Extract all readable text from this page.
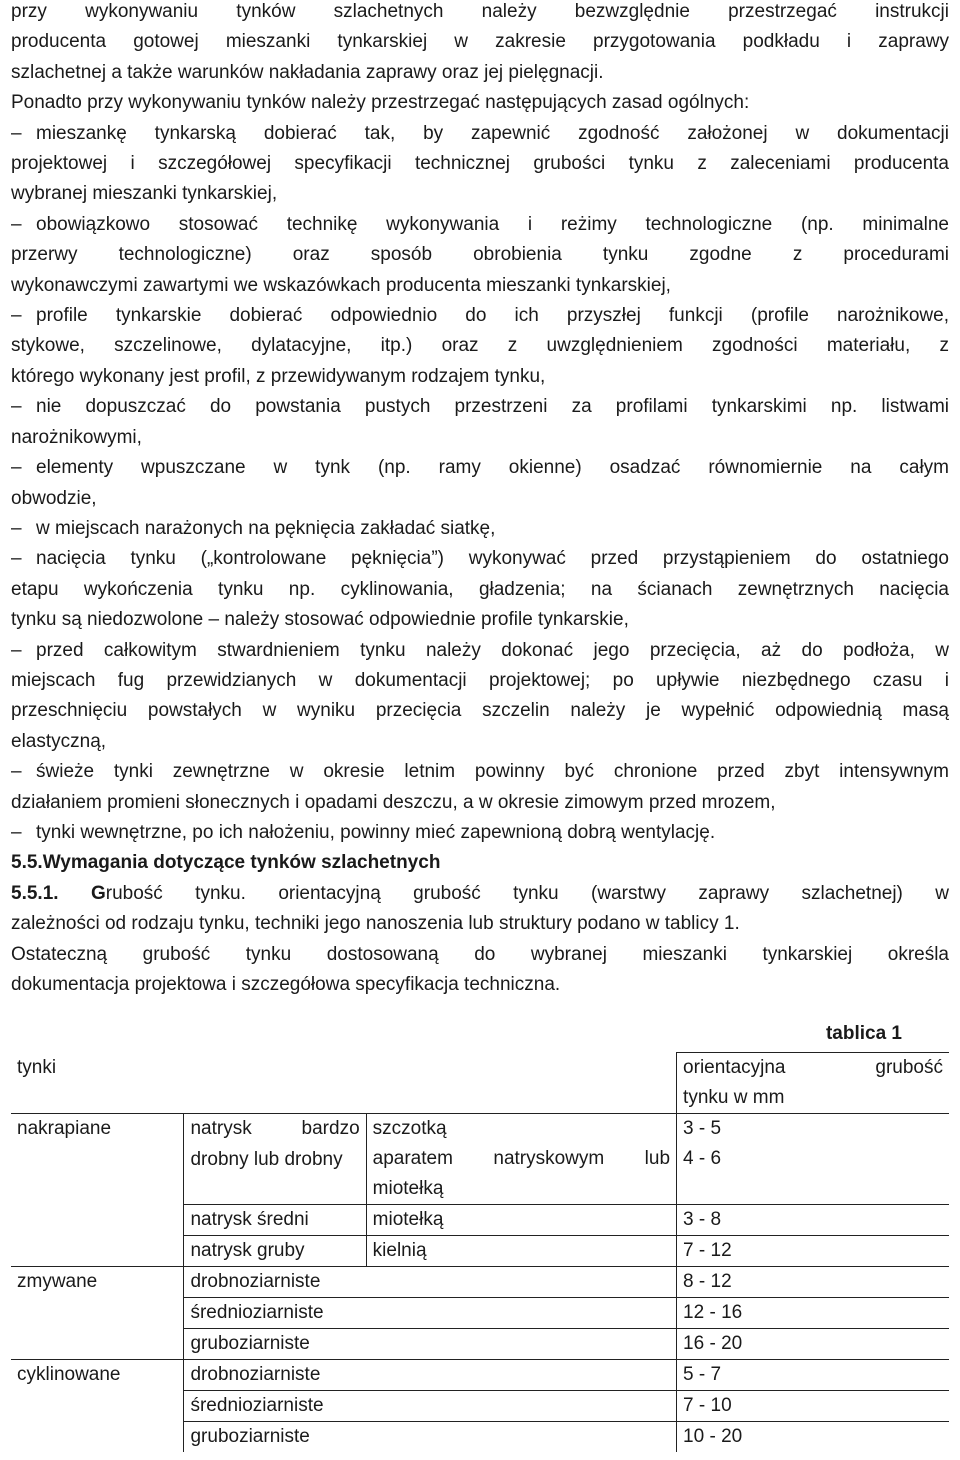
przy wykonywaniu tynków szlachetnych należy bezwzględnie przestrzegać instrukcji
producenta gotowej mieszanki tynkarskiej w zakresie przygotowania podkładu i zaprawy
szlachetnej a także warunków nakładania zaprawy oraz jej pielęgnacji.
Ponadto przy wykonywaniu tynków należy przestrzegać następujących zasad ogólnych:
– mieszankę tynkarską dobierać tak, by zapewnić zgodność założonej w dokumentacji
projektowej i szczegółowej specyfikacji technicznej grubości tynku z zaleceniami producenta
wybranej mieszanki tynkarskiej,
– obowiązkowo stosować technikę wykonywania i reżimy technologiczne (np. minimalne
przerwy technologiczne) oraz sposób obrobienia tynku zgodne z procedurami
wykonawczymi zawartymi we wskazówkach producenta mieszanki tynkarskiej,
– profile tynkarskie dobierać odpowiednio do ich przyszłej funkcji (profile narożnikowe,
stykowe, szczelinowe, dylatacyjne, itp.) oraz z uwzględnieniem zgodności materiału, z
którego wykonany jest profil, z przewidywanym rodzajem tynku,
– nie dopuszczać do powstania pustych przestrzeni za profilami tynkarskimi np. listwami
narożnikowymi,
– elementy wpuszczane w tynk (np. ramy okienne) osadzać równomiernie na całym
obwodzie,
– w miejscach narażonych na pęknięcia zakładać siatkę,
– nacięcia tynku („kontrolowane pęknięcia”) wykonywać przed przystąpieniem do ostatniego
etapu wykończenia tynku np. cyklinowania, gładzenia; na ścianach zewnętrznych nacięcia
tynku są niedozwolone – należy stosować odpowiednie profile tynkarskie,
– przed całkowitym stwardnieniem tynku należy dokonać jego przecięcia, aż do podłoża, w
miejscach fug przewidzianych w dokumentacji projektowej; po upływie niezbędnego czasu i
przeschnięciu powstałych w wyniku przecięcia szczelin należy je wypełnić odpowiednią masą
elastyczną,
– świeże tynki zewnętrzne w okresie letnim powinny być chronione przed zbyt intensywnym
działaniem promieni słonecznych i opadami deszczu, a w okresie zimowym przed mrozem,
– tynki wewnętrzne, po ich nałożeniu, powinny mieć zapewnioną dobrą wentylację.
5.5.Wymagania dotyczące tynków szlachetnych
5.5.1. Grubość tynku. orientacyjną grubość tynku (warstwy zaprawy szlachetnej) w
zależności od rodzaju tynku, techniki jego nanoszenia lub struktury podano w tablicy 1.
Ostateczną grubość tynku dostosowaną do wybranej mieszanki tynkarskiej określa
dokumentacja projektowa i szczegółowa specyfikacja techniczna.
tablica 1
tynki			orientacyjna grubość
tynku w mm

nakrapiane	natrysk bardzo drobny lub drobny	szczotką	3 - 5
		aparatem natryskowym lub miotełką	4 - 6
	natrysk średni	miotełką	3 - 8
	natrysk gruby	kielnią	7 - 12
zmywane	drobnoziarniste		8 - 12
	średnioziarniste		12 - 16
	gruboziarniste		16 - 20
cyklinowane	drobnoziarniste		5 - 7
	średnioziarniste		7 - 10
	gruboziarniste		10 - 20
